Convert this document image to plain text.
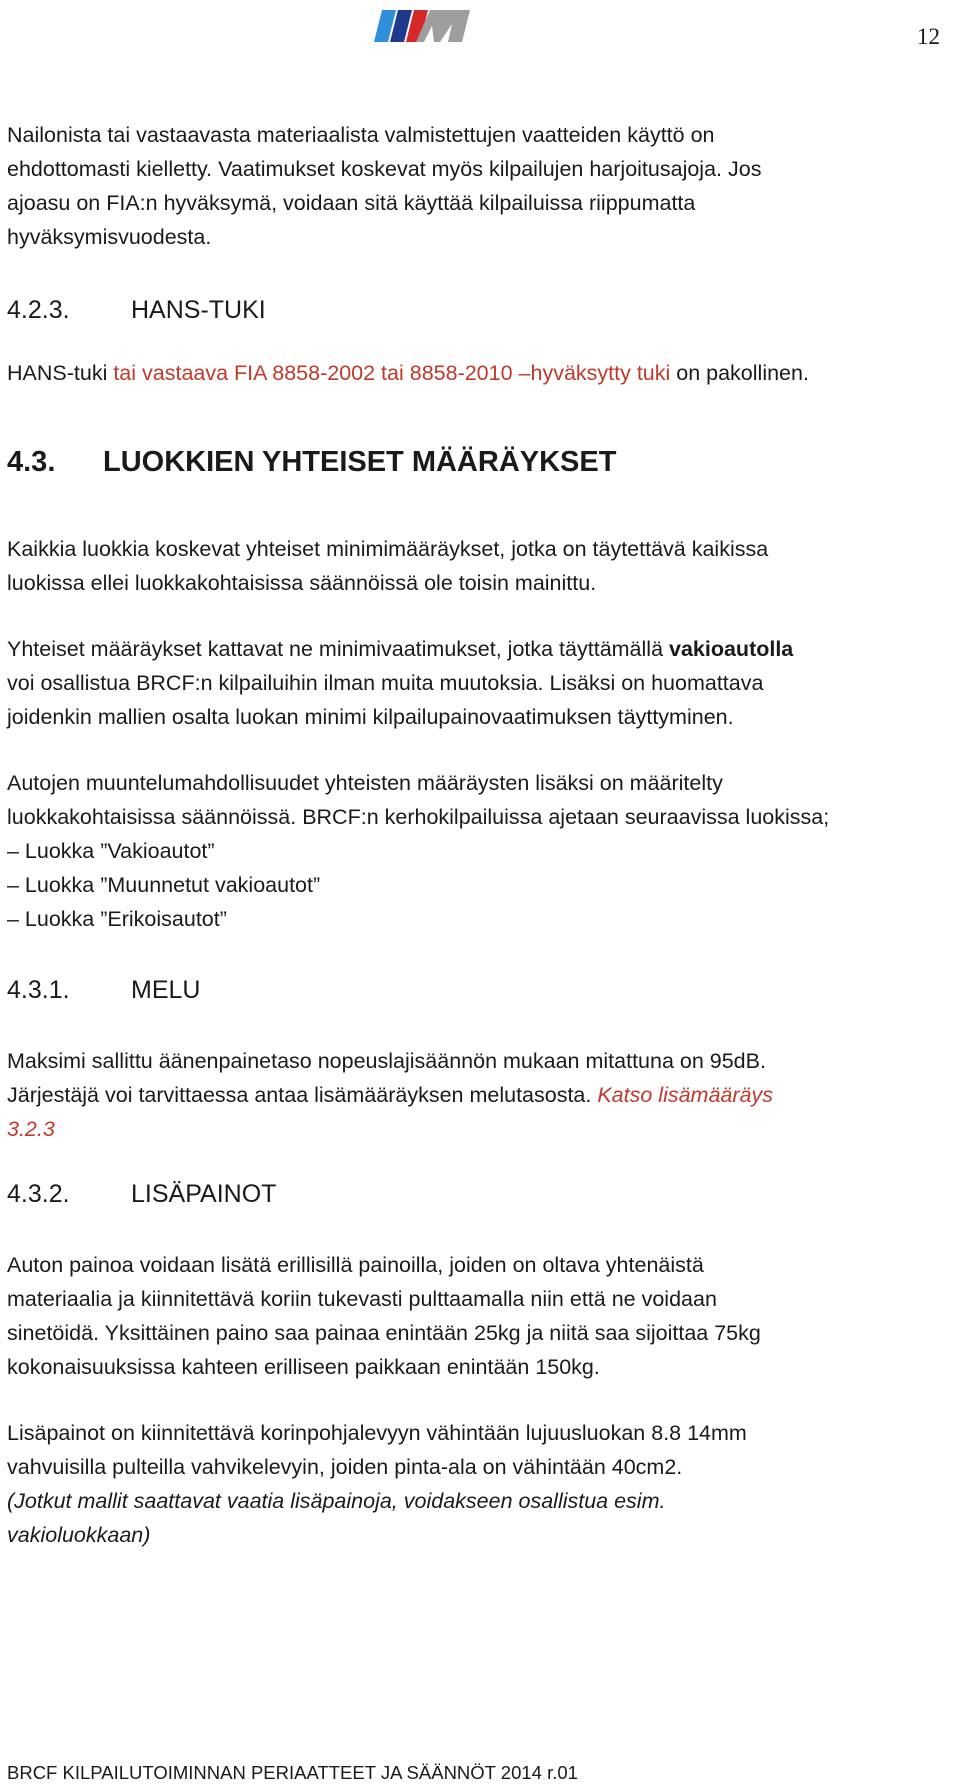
12
Nailonista tai vastaavasta materiaalista valmistettujen vaatteiden käyttö on
ehdottomasti kielletty. Vaatimukset koskevat myös kilpailujen harjoitusajoja. Jos
ajoasu on FIA:n hyväksymä, voidaan sitä käyttää kilpailuissa riippumatta
hyväksymisvuodesta.
4.2.3. HANS-TUKI
HANS-tuki tai vastaava FIA 8858-2002 tai 8858-2010 –hyväksytty tuki on pakollinen.
4.3. LUOKKIEN YHTEISET MÄÄRÄYKSET
Kaikkia luokkia koskevat yhteiset minimimääräykset, jotka on täytettävä kaikissa
luokissa ellei luokkakohtaisissa säännöissä ole toisin mainittu.
Yhteiset määräykset kattavat ne minimivaatimukset, jotka täyttämällä vakioautolla
voi osallistua BRCF:n kilpailuihin ilman muita muutoksia. Lisäksi on huomattava
joidenkin mallien osalta luokan minimi kilpailupainovaatimuksen täyttyminen.
Autojen muuntelumahdollisuudet yhteisten määräysten lisäksi on määritelty
luokkakohtaisissa säännöissä. BRCF:n kerhokilpailuissa ajetaan seuraavissa luokissa;
– Luokka ”Vakioautot”
– Luokka ”Muunnetut vakioautot”
– Luokka ”Erikoisautot”
4.3.1. MELU
Maksimi sallittu äänenpainetaso nopeuslajisäännön mukaan mitattuna on 95dB.
Järjestäjä voi tarvittaessa antaa lisämääräyksen melutasosta. Katso lisämääräys
3.2.3
4.3.2. LISÄPAINOT
Auton painoa voidaan lisätä erillisillä painoilla, joiden on oltava yhtenäistä
materiaalia ja kiinnitettävä koriin tukevasti pulttaamalla niin että ne voidaan
sinetöidä. Yksittäinen paino saa painaa enintään 25kg ja niitä saa sijoittaa 75kg
kokonaisuuksissa kahteen erilliseen paikkaan enintään 150kg.
Lisäpainot on kiinnitettävä korinpohjalevyyn vähintään lujuusluokan 8.8 14mm
vahvuisilla pulteilla vahvikelevyin, joiden pinta-ala on vähintään 40cm2.
(Jotkut mallit saattavat vaatia lisäpainoja, voidakseen osallistua esim.
vakioluokkaan)
BRCF KILPAILUTOIMINNAN PERIAATTEET JA SÄÄNNÖT 2014 r.01
